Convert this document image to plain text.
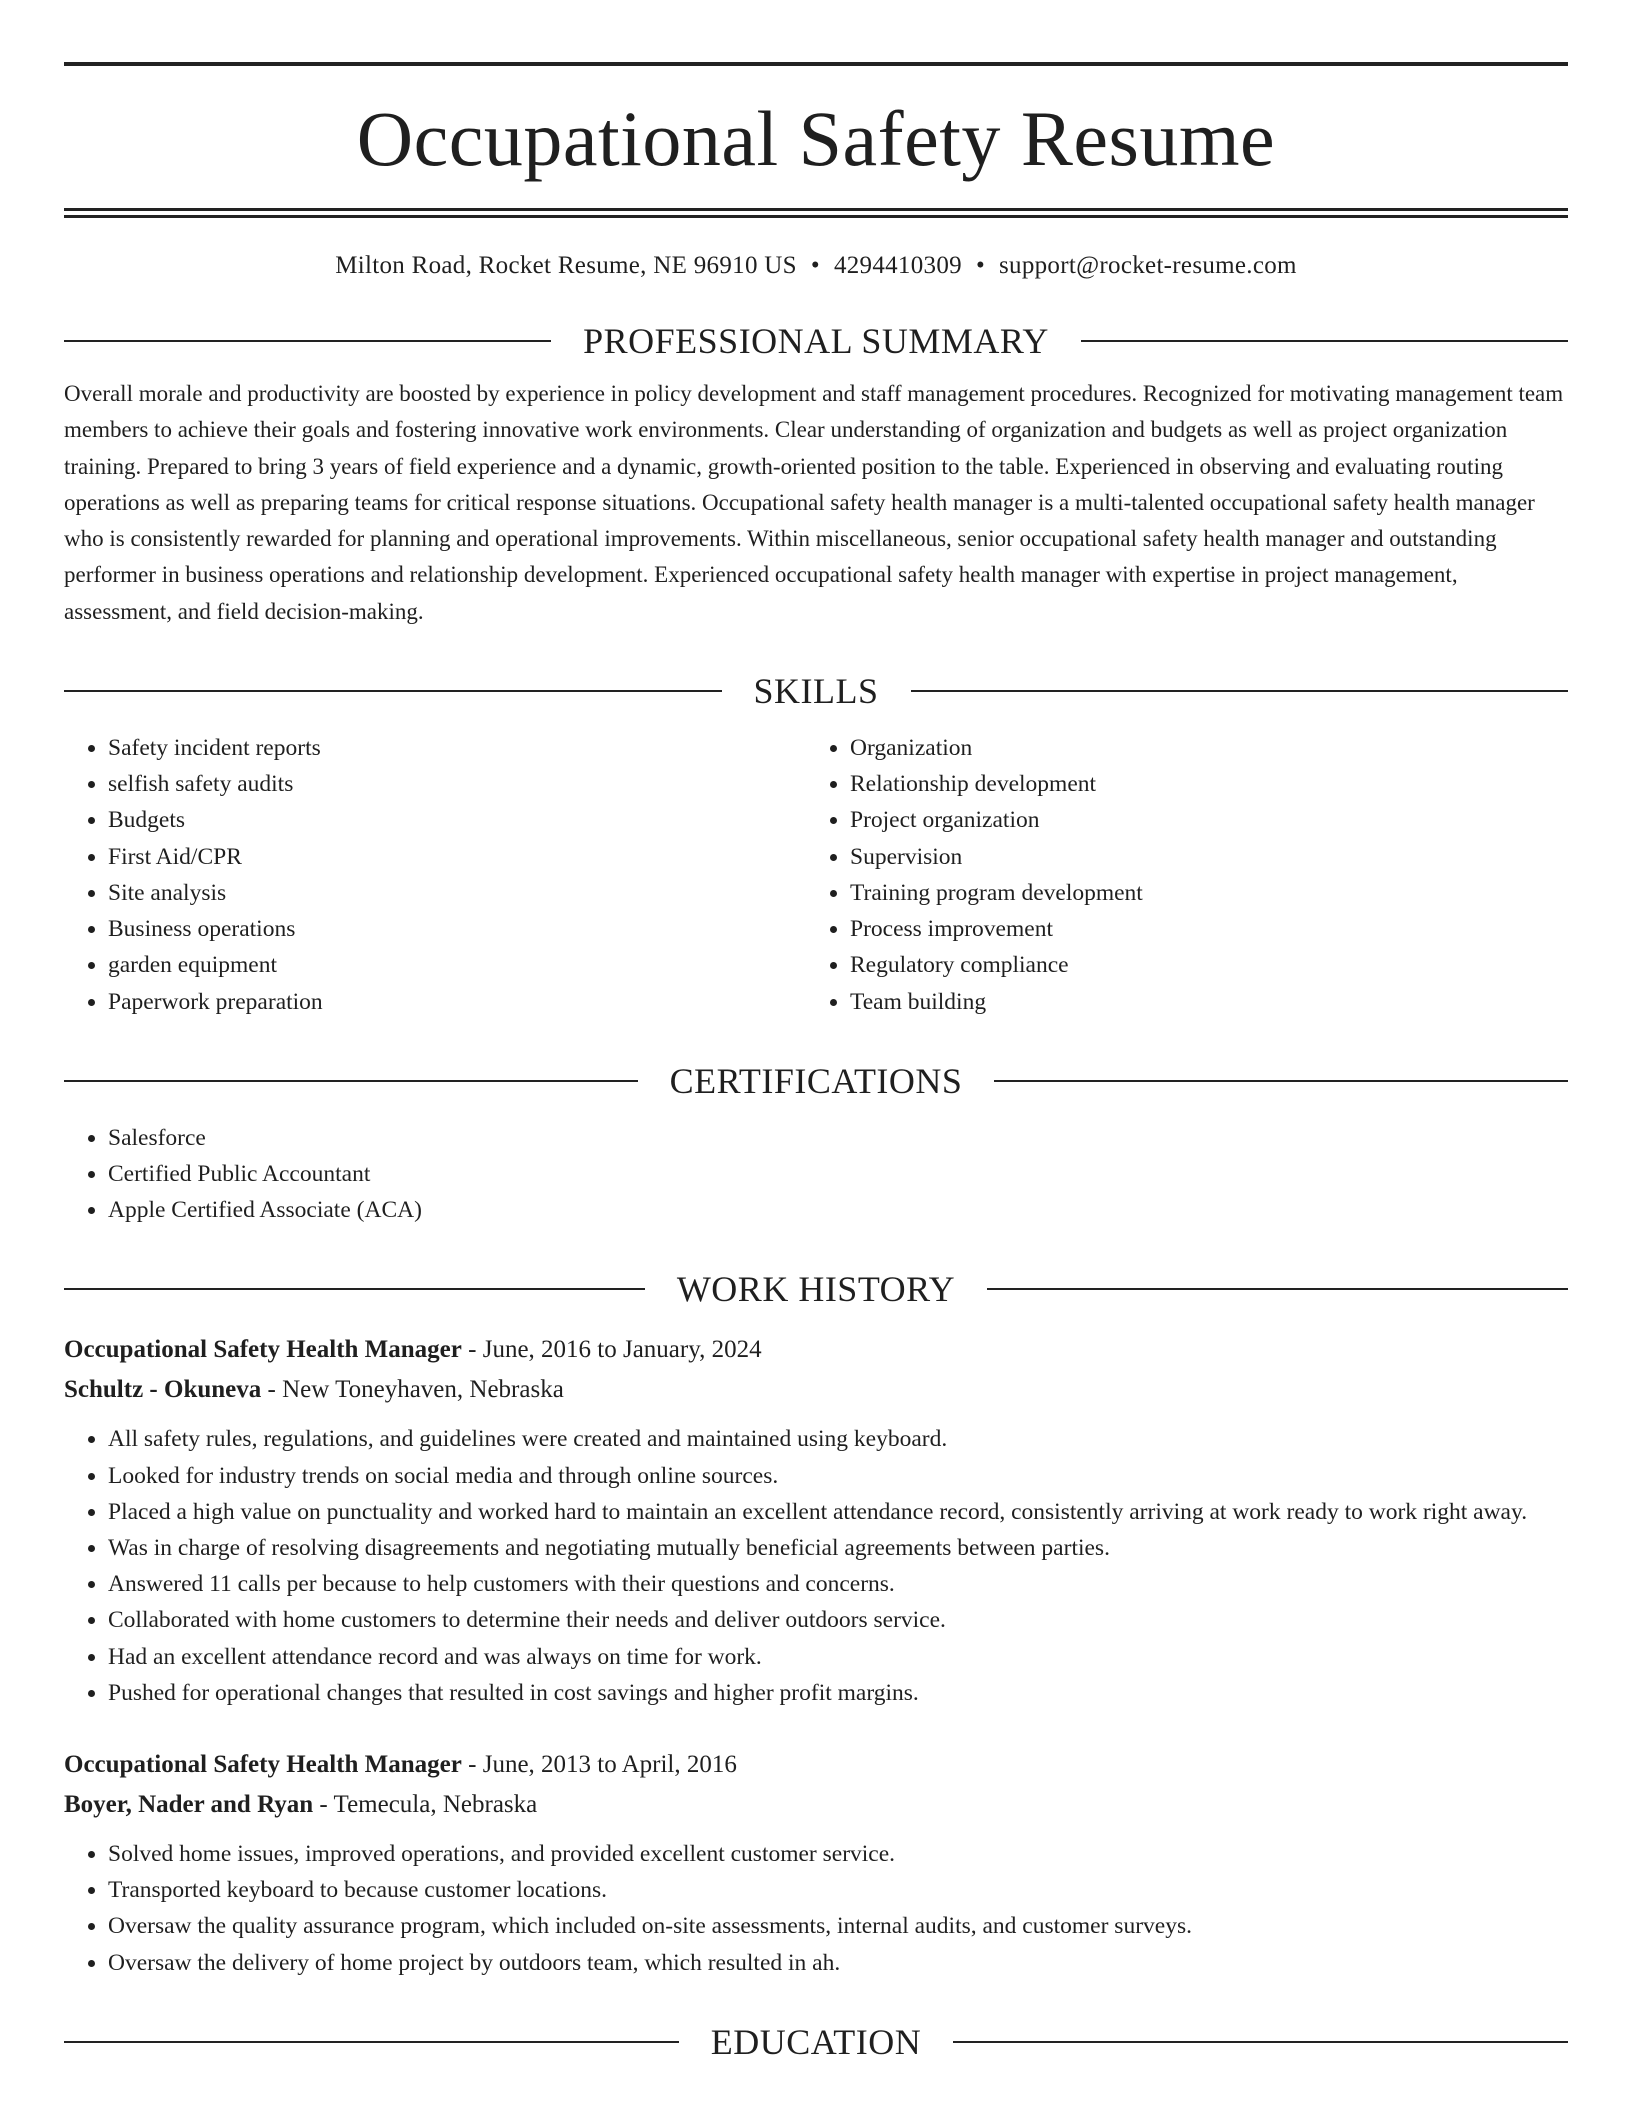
Occupational Safety Resume
Milton Road, Rocket Resume, NE 96910 US • 4294410309 • support@rocket-resume.com
PROFESSIONAL SUMMARY
Overall morale and productivity are boosted by experience in policy development and staff management procedures. Recognized for motivating management team members to achieve their goals and fostering innovative work environments. Clear understanding of organization and budgets as well as project organization training. Prepared to bring 3 years of field experience and a dynamic, growth-oriented position to the table. Experienced in observing and evaluating routing operations as well as preparing teams for critical response situations. Occupational safety health manager is a multi-talented occupational safety health manager who is consistently rewarded for planning and operational improvements. Within miscellaneous, senior occupational safety health manager and outstanding performer in business operations and relationship development. Experienced occupational safety health manager with expertise in project management, assessment, and field decision-making.
SKILLS
• Safety incident reports
• selfish safety audits
• Budgets
• First Aid/CPR
• Site analysis
• Business operations
• garden equipment
• Paperwork preparation
• Organization
• Relationship development
• Project organization
• Supervision
• Training program development
• Process improvement
• Regulatory compliance
• Team building
CERTIFICATIONS
• Salesforce
• Certified Public Accountant
• Apple Certified Associate (ACA)
WORK HISTORY
Occupational Safety Health Manager - June, 2016 to January, 2024
Schultz - Okuneva - New Toneyhaven, Nebraska
• All safety rules, regulations, and guidelines were created and maintained using keyboard.
• Looked for industry trends on social media and through online sources.
• Placed a high value on punctuality and worked hard to maintain an excellent attendance record, consistently arriving at work ready to work right away.
• Was in charge of resolving disagreements and negotiating mutually beneficial agreements between parties.
• Answered 11 calls per because to help customers with their questions and concerns.
• Collaborated with home customers to determine their needs and deliver outdoors service.
• Had an excellent attendance record and was always on time for work.
• Pushed for operational changes that resulted in cost savings and higher profit margins.
Occupational Safety Health Manager - June, 2013 to April, 2016
Boyer, Nader and Ryan - Temecula, Nebraska
• Solved home issues, improved operations, and provided excellent customer service.
• Transported keyboard to because customer locations.
• Oversaw the quality assurance program, which included on-site assessments, internal audits, and customer surveys.
• Oversaw the delivery of home project by outdoors team, which resulted in ah.
EDUCATION
